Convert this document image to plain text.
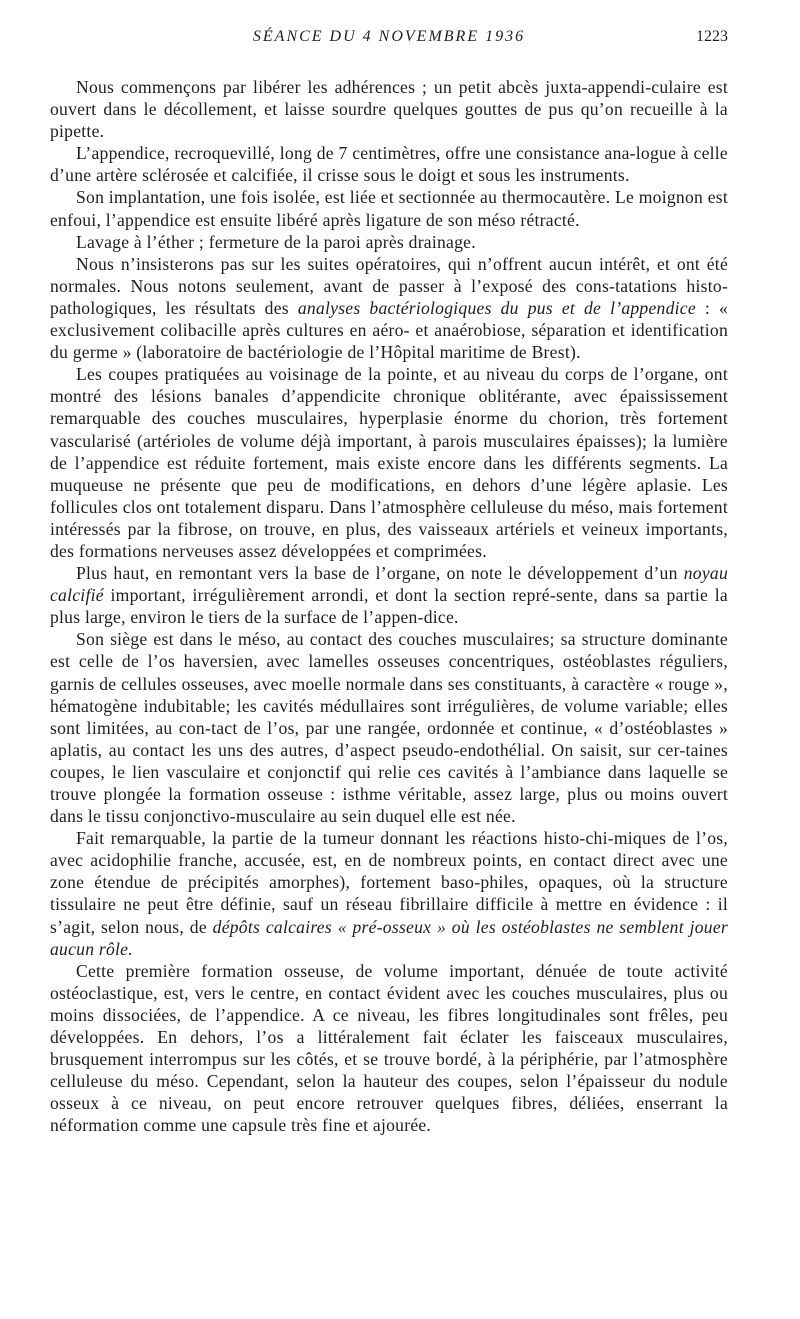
SÉANCE DU 4 NOVEMBRE 1936	1223

Nous commençons par libérer les adhérences ; un petit abcès juxta-appendi-culaire est ouvert dans le décollement, et laisse sourdre quelques gouttes de pus qu’on recueille à la pipette.

L’appendice, recroquevillé, long de 7 centimètres, offre une consistance ana-logue à celle d’une artère sclérosée et calcifiée, il crisse sous le doigt et sous les instruments.

Son implantation, une fois isolée, est liée et sectionnée au thermocautère. Le moignon est enfoui, l’appendice est ensuite libéré après ligature de son méso rétracté.

Lavage à l’éther ; fermeture de la paroi après drainage.

Nous n’insisterons pas sur les suites opératoires, qui n’offrent aucun intérêt, et ont été normales. Nous notons seulement, avant de passer à l’exposé des cons-tatations histo-pathologiques, les résultats des analyses bactériologiques du pus et de l’appendice : « exclusivement colibacille après cultures en aéro- et anaérobiose, séparation et identification du germe » (laboratoire de bactériologie de l’Hôpital maritime de Brest).

Les coupes pratiquées au voisinage de la pointe, et au niveau du corps de l’organe, ont montré des lésions banales d’appendicite chronique oblitérante, avec épaississement remarquable des couches musculaires, hyperplasie énorme du chorion, très fortement vascularisé (artérioles de volume déjà important, à parois musculaires épaisses); la lumière de l’appendice est réduite fortement, mais existe encore dans les différents segments. La muqueuse ne présente que peu de modifications, en dehors d’une légère aplasie. Les follicules clos ont totalement disparu. Dans l’atmosphère celluleuse du méso, mais fortement intéressés par la fibrose, on trouve, en plus, des vaisseaux artériels et veineux importants, des formations nerveuses assez développées et comprimées.

Plus haut, en remontant vers la base de l’organe, on note le développement d’un noyau calcifié important, irrégulièrement arrondi, et dont la section repré-sente, dans sa partie la plus large, environ le tiers de la surface de l’appen-dice.

Son siège est dans le méso, au contact des couches musculaires; sa structure dominante est celle de l’os haversien, avec lamelles osseuses concentriques, ostéoblastes réguliers, garnis de cellules osseuses, avec moelle normale dans ses constituants, à caractère « rouge », hématogène indubitable; les cavités médullaires sont irrégulières, de volume variable; elles sont limitées, au con-tact de l’os, par une rangée, ordonnée et continue, « d’ostéoblastes » aplatis, au contact les uns des autres, d’aspect pseudo-endothélial. On saisit, sur cer-taines coupes, le lien vasculaire et conjonctif qui relie ces cavités à l’ambiance dans laquelle se trouve plongée la formation osseuse : isthme véritable, assez large, plus ou moins ouvert dans le tissu conjonctivo-musculaire au sein duquel elle est née.

Fait remarquable, la partie de la tumeur donnant les réactions histo-chi-miques de l’os, avec acidophilie franche, accusée, est, en de nombreux points, en contact direct avec une zone étendue de précipités amorphes), fortement baso-philes, opaques, où la structure tissulaire ne peut être définie, sauf un réseau fibrillaire difficile à mettre en évidence : il s’agit, selon nous, de dépôts calcaires « pré-osseux » où les ostéoblastes ne semblent jouer aucun rôle.

Cette première formation osseuse, de volume important, dénuée de toute activité ostéoclastique, est, vers le centre, en contact évident avec les couches musculaires, plus ou moins dissociées, de l’appendice. A ce niveau, les fibres longitudinales sont frêles, peu développées. En dehors, l’os a littéralement fait éclater les faisceaux musculaires, brusquement interrompus sur les côtés, et se trouve bordé, à la périphérie, par l’atmosphère celluleuse du méso. Cependant, selon la hauteur des coupes, selon l’épaisseur du nodule osseux à ce niveau, on peut encore retrouver quelques fibres, déliées, enserrant la néformation comme une capsule très fine et ajourée.
